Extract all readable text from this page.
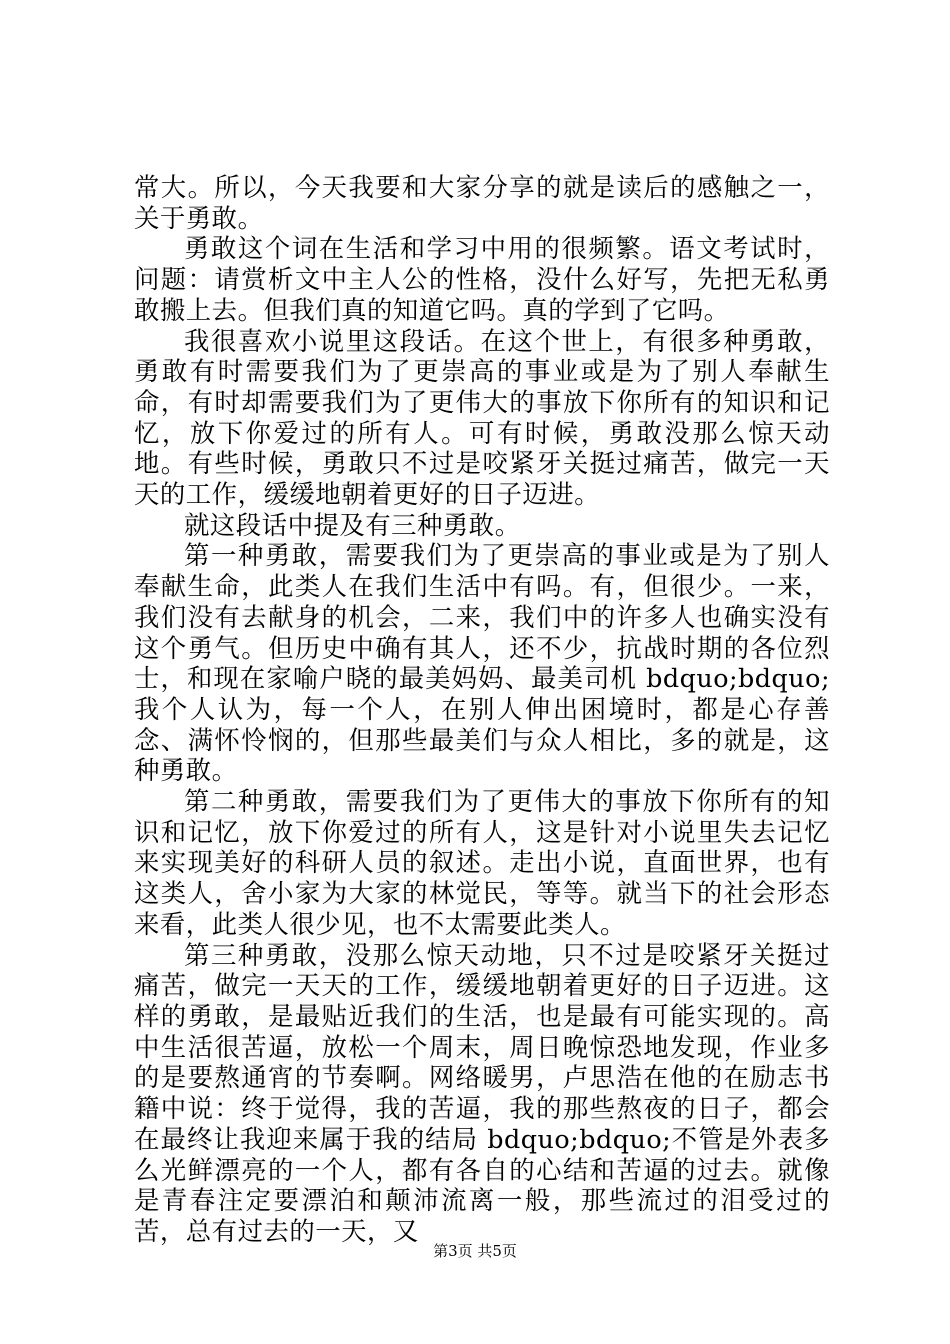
常大。所以，今天我要和大家分享的就是读后的感触之一，关于勇敢。

勇敢这个词在生活和学习中用的很频繁。语文考试时，问题：请赏析文中主人公的性格，没什么好写，先把无私勇敢搬上去。但我们真的知道它吗。真的学到了它吗。

我很喜欢小说里这段话。在这个世上，有很多种勇敢，勇敢有时需要我们为了更崇高的事业或是为了别人奉献生命，有时却需要我们为了更伟大的事放下你所有的知识和记忆，放下你爱过的所有人。可有时候，勇敢没那么惊天动地。有些时候，勇敢只不过是咬紧牙关挺过痛苦，做完一天天的工作，缓缓地朝着更好的日子迈进。

就这段话中提及有三种勇敢。

第一种勇敢，需要我们为了更崇高的事业或是为了别人奉献生命，此类人在我们生活中有吗。有，但很少。一来，我们没有去献身的机会，二来，我们中的许多人也确实没有这个勇气。但历史中确有其人，还不少，抗战时期的各位烈士，和现在家喻户晓的最美妈妈、最美司机 bdquo;bdquo;我个人认为，每一个人，在别人伸出困境时，都是心存善念、满怀怜悯的，但那些最美们与众人相比，多的就是，这种勇敢。

第二种勇敢，需要我们为了更伟大的事放下你所有的知识和记忆，放下你爱过的所有人，这是针对小说里失去记忆来实现美好的科研人员的叙述。走出小说，直面世界，也有这类人，舍小家为大家的林觉民，等等。就当下的社会形态来看，此类人很少见，也不太需要此类人。

第三种勇敢，没那么惊天动地，只不过是咬紧牙关挺过痛苦，做完一天天的工作，缓缓地朝着更好的日子迈进。这样的勇敢，是最贴近我们的生活，也是最有可能实现的。高中生活很苦逼，放松一个周末，周日晚惊恐地发现，作业多的是要熬通宵的节奏啊。网络暖男，卢思浩在他的在励志书籍中说：终于觉得，我的苦逼，我的那些熬夜的日子，都会在最终让我迎来属于我的结局 bdquo;bdquo;不管是外表多么光鲜漂亮的一个人，都有各自的心结和苦逼的过去。就像是青春注定要漂泊和颠沛流离一般，那些流过的泪受过的苦，总有过去的一天，又

第3页 共5页
